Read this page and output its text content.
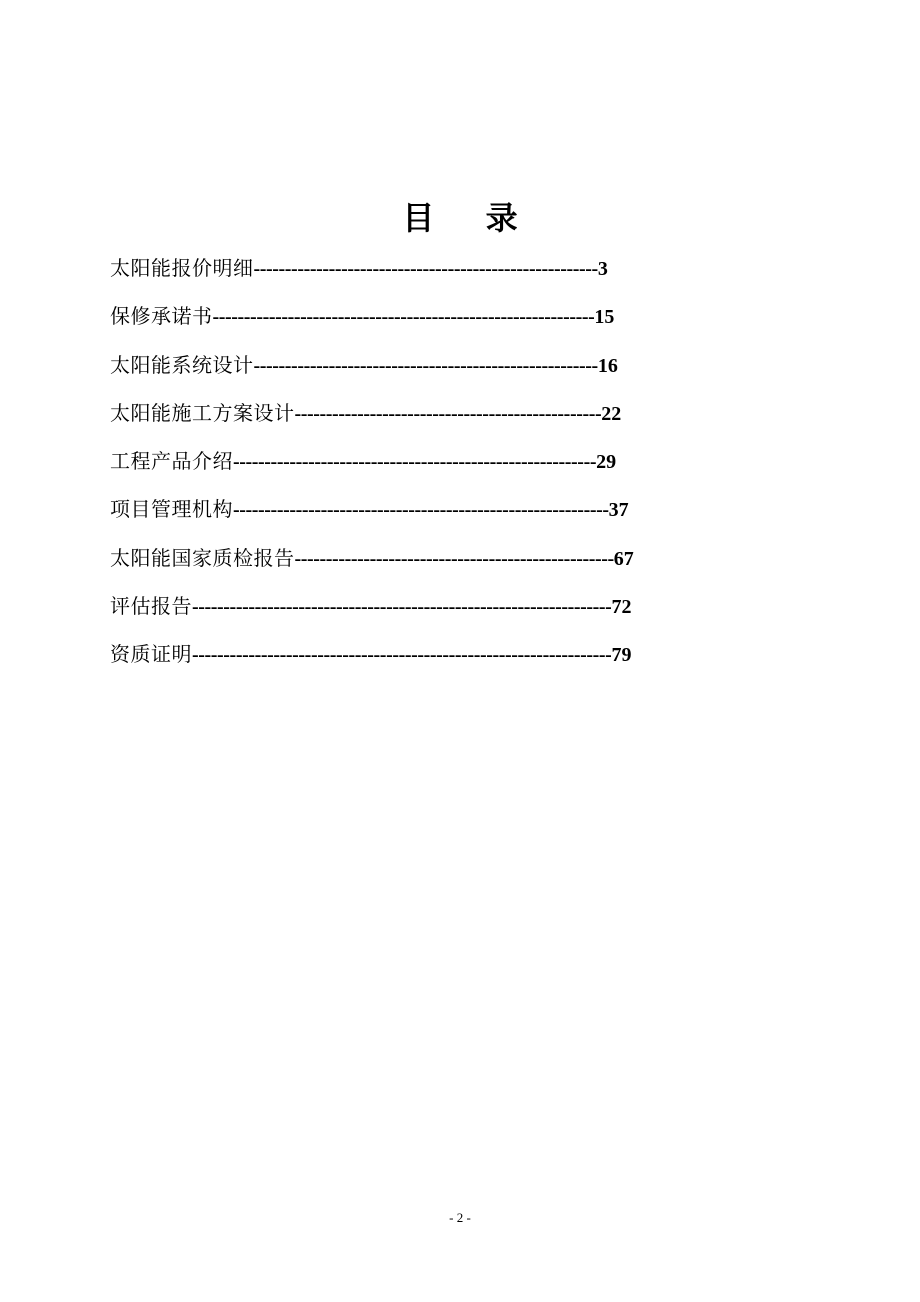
目 录
太阳能报价明细 ------------------------------------------------------- 3
保修承诺书 ------------------------------------------------------------- 15
太阳能系统设计 ------------------------------------------------------- 16
太阳能施工方案设计 ------------------------------------------------- 22
工程产品介绍 ---------------------------------------------------------- 29
项目管理机构 ------------------------------------------------------------ 37
太阳能国家质检报告 --------------------------------------------------- 67
评估报告 ------------------------------------------------------------------- 72
资质证明 ------------------------------------------------------------------- 79
- 2 -
